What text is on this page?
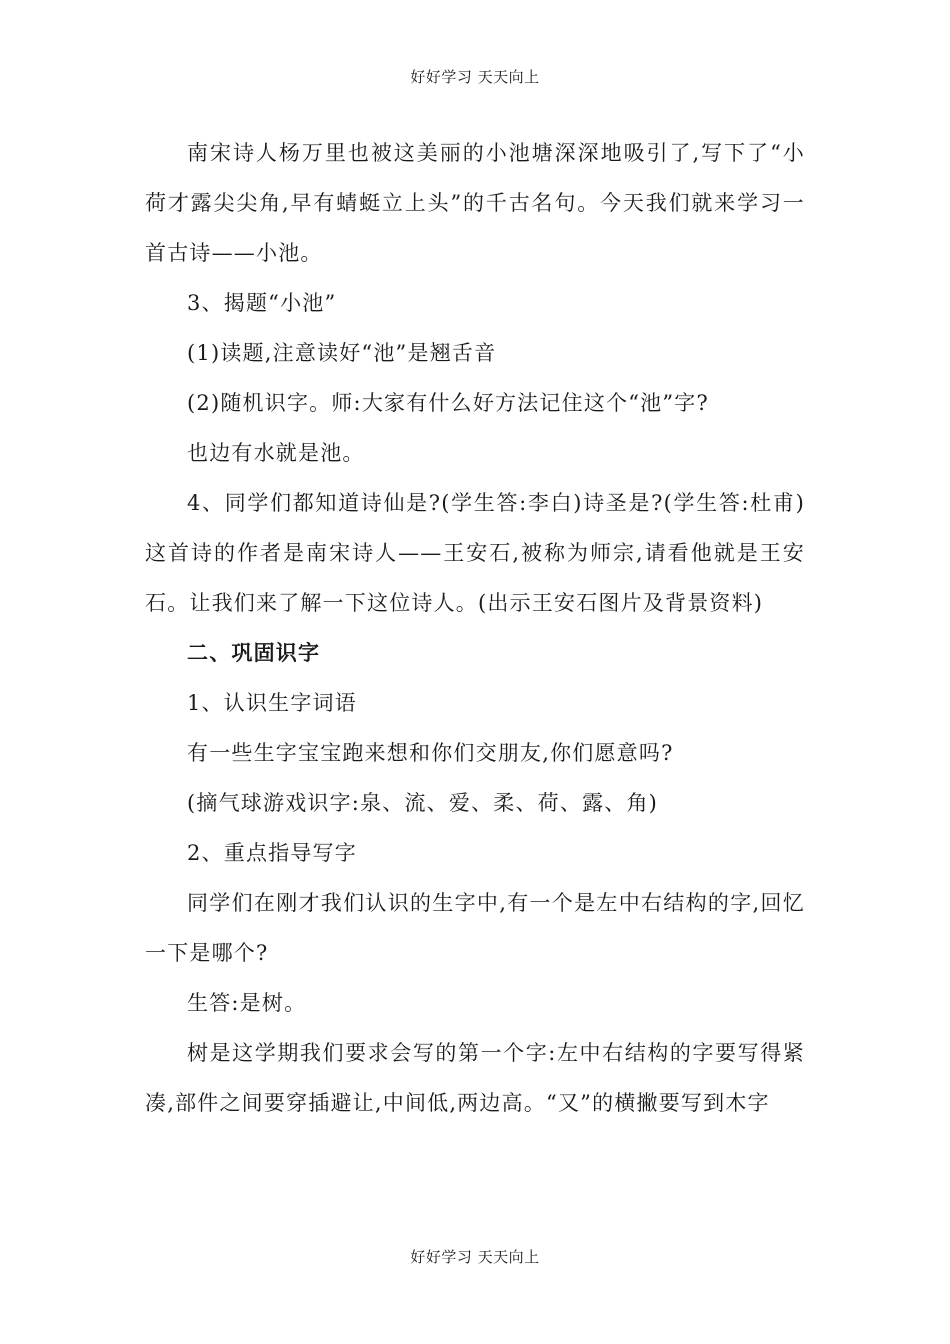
好好学习 天天向上

南宋诗人杨万里也被这美丽的小池塘深深地吸引了,写下了“小荷才露尖尖角,早有蜻蜓立上头”的千古名句。今天我们就来学习一首古诗——小池。

3、揭题“小池”

(1)读题,注意读好“池”是翘舌音

(2)随机识字。师:大家有什么好方法记住这个“池”字?

也边有水就是池。

4、同学们都知道诗仙是?(学生答:李白)诗圣是?(学生答:杜甫)这首诗的作者是南宋诗人——王安石,被称为师宗,请看他就是王安石。让我们来了解一下这位诗人。(出示王安石图片及背景资料)

二、巩固识字

1、认识生字词语

有一些生字宝宝跑来想和你们交朋友,你们愿意吗?

(摘气球游戏识字:泉、流、爱、柔、荷、露、角)

2、重点指导写字

同学们在刚才我们认识的生字中,有一个是左中右结构的字,回忆一下是哪个?

生答:是树。

树是这学期我们要求会写的第一个字:左中右结构的字要写得紧凑,部件之间要穿插避让,中间低,两边高。“又”的横撇要写到木字

好好学习 天天向上
